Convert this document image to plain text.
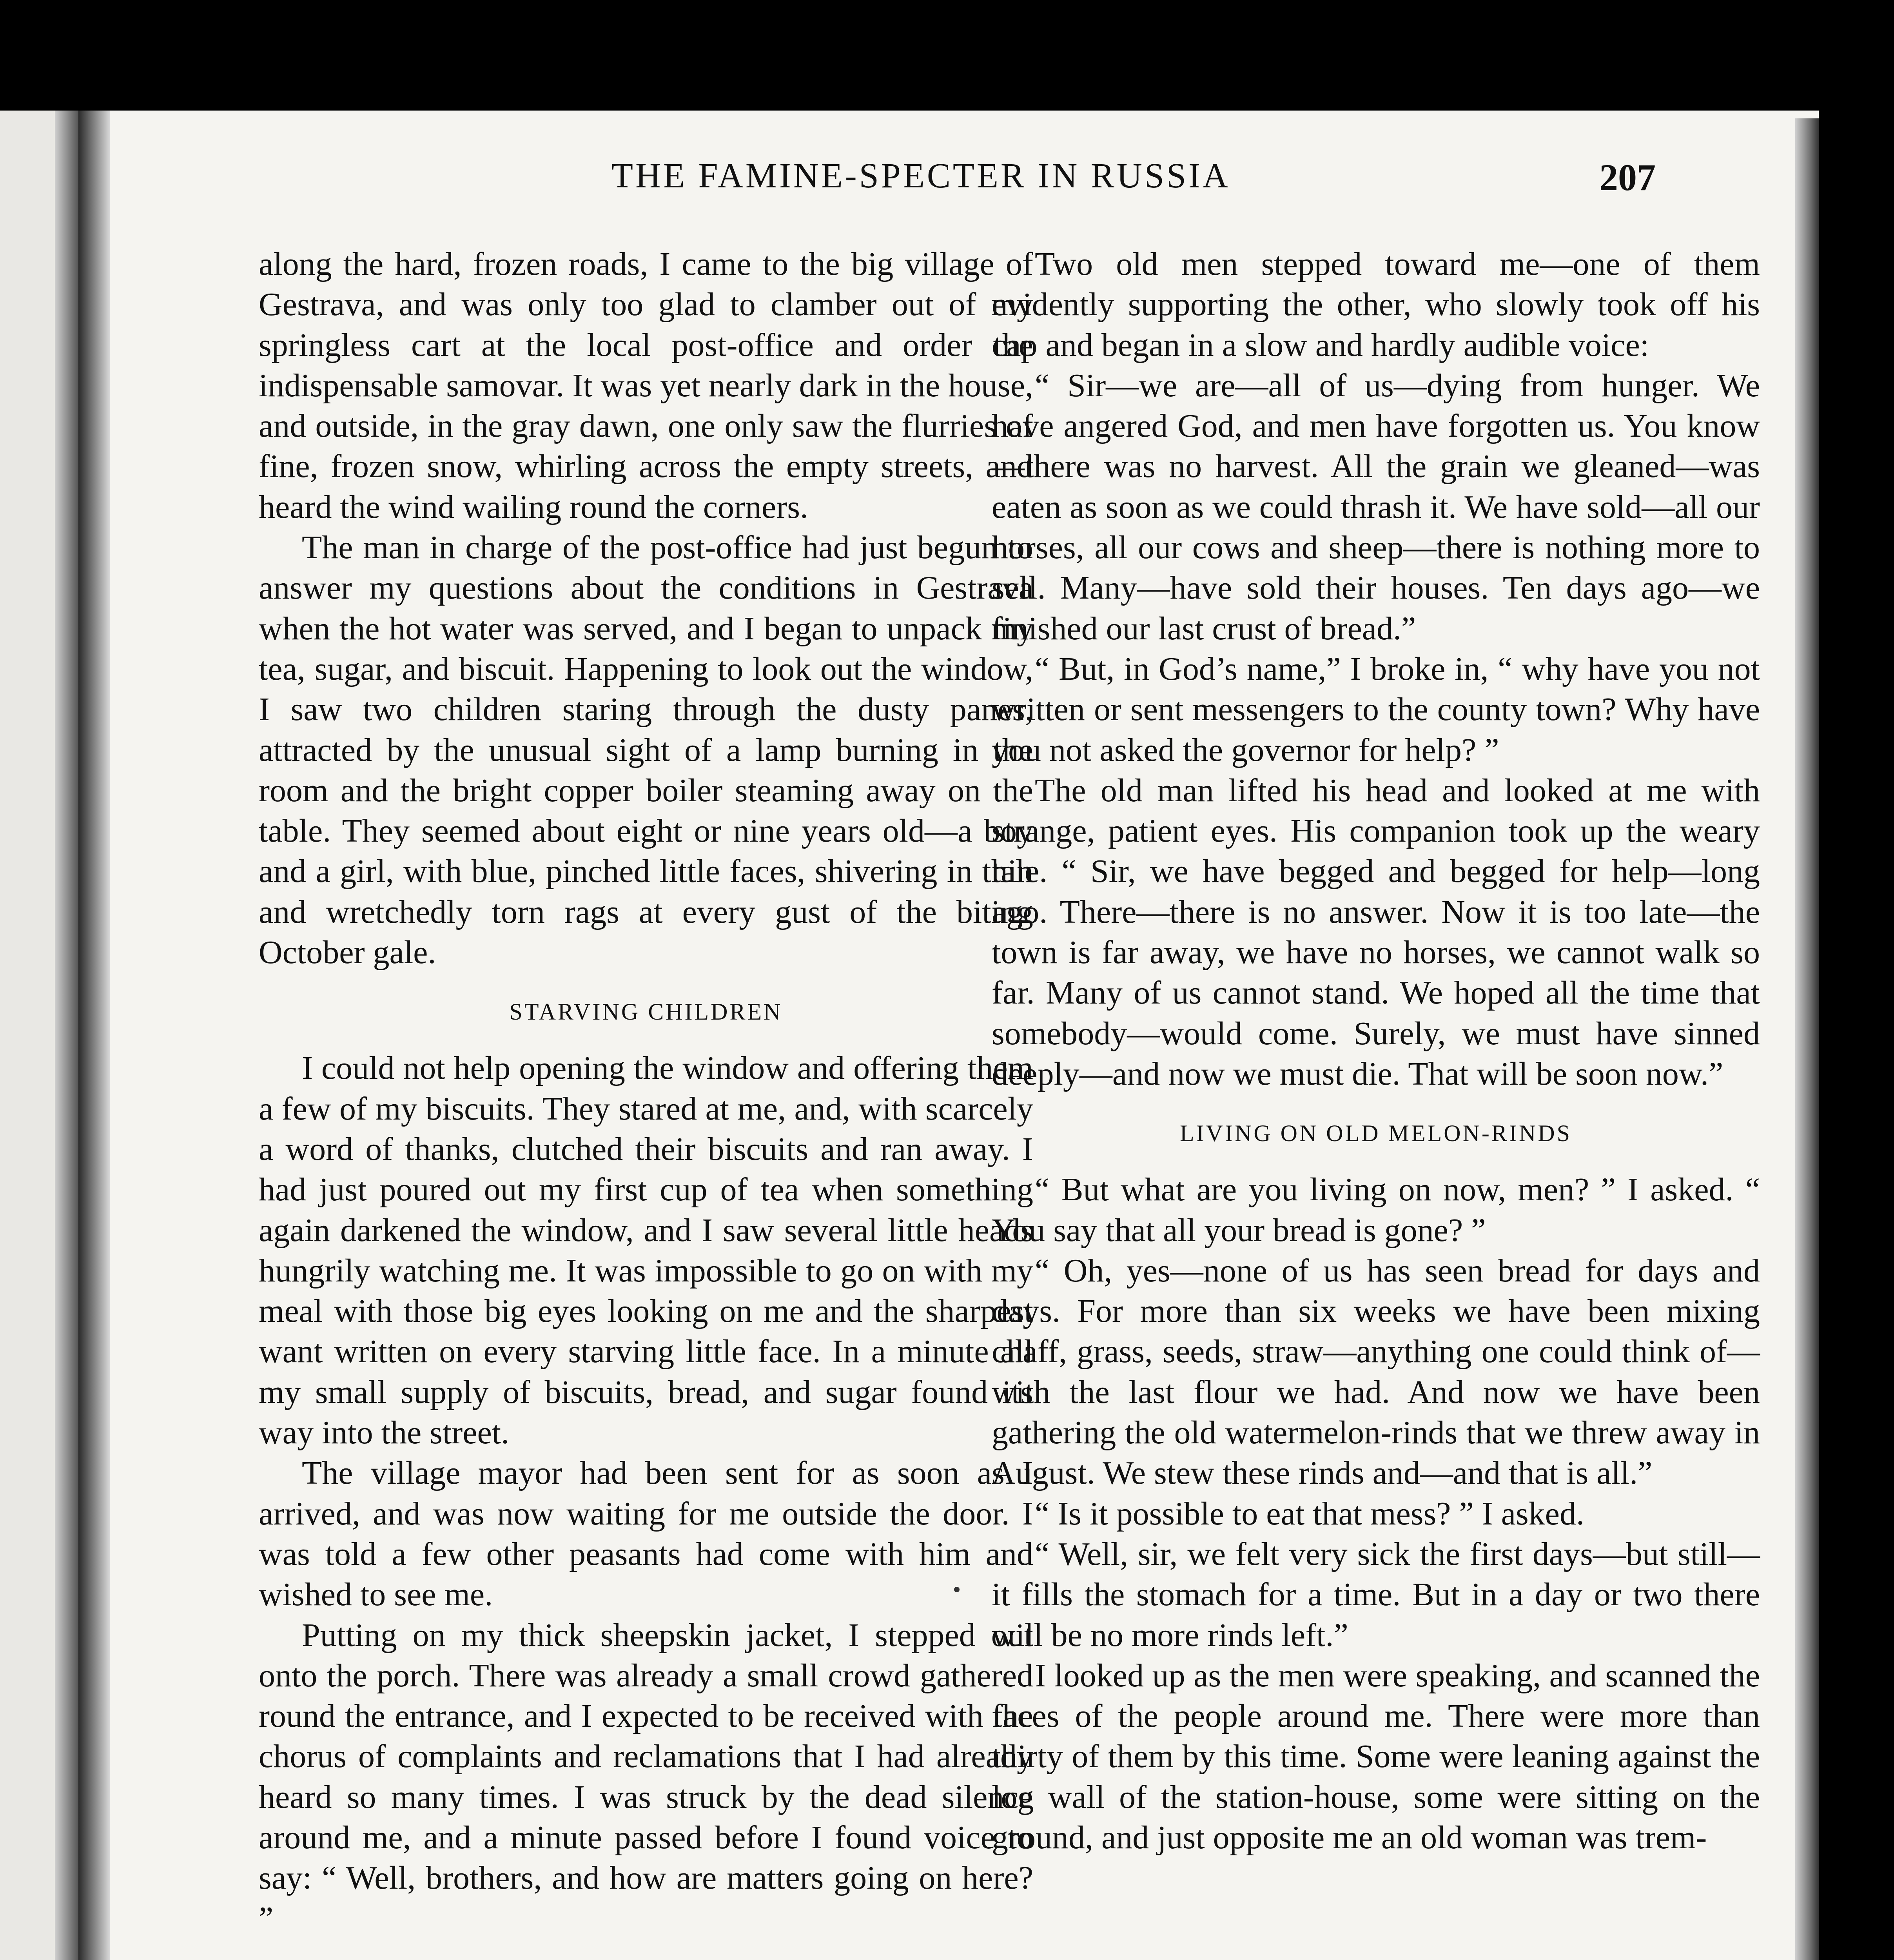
THE FAMINE-SPECTER IN RUSSIA	207

along the hard, frozen roads, I came to the big village of Gestrava, and was only too glad to clamber out of my springless cart at the local post-office and order the indispensable samovar. It was yet nearly dark in the house, and outside, in the gray dawn, one only saw the flurries of fine, frozen snow, whirling across the empty streets, and heard the wind wailing round the corners.

The man in charge of the post-office had just begun to answer my questions about the conditions in Gestrava when the hot water was served, and I began to unpack my tea, sugar, and biscuit. Happening to look out the window, I saw two children staring through the dusty panes, attracted by the unusual sight of a lamp burning in the room and the bright copper boiler steaming away on the table. They seemed about eight or nine years old—a boy and a girl, with blue, pinched little faces, shivering in thin and wretchedly torn rags at every gust of the biting October gale.

STARVING CHILDREN

I could not help opening the window and offering them a few of my biscuits. They stared at me, and, with scarcely a word of thanks, clutched their biscuits and ran away. I had just poured out my first cup of tea when something again darkened the window, and I saw several little heads hungrily watching me. It was impossible to go on with my meal with those big eyes looking on me and the sharpest want written on every starving little face. In a minute all my small supply of biscuits, bread, and sugar found its way into the street.

The village mayor had been sent for as soon as I arrived, and was now waiting for me outside the door. I was told a few other peasants had come with him and wished to see me.

Putting on my thick sheepskin jacket, I stepped out onto the porch. There was already a small crowd gathered round the entrance, and I expected to be received with the chorus of complaints and reclamations that I had already heard so many times. I was struck by the dead silence around me, and a minute passed before I found voice to say: “ Well, brothers, and how are matters going on here? ”

Two old men stepped toward me—one of them evidently supporting the other, who slowly took off his cap and began in a slow and hardly audible voice:

“ Sir—we are—all of us—dying from hunger. We have angered God, and men have forgotten us. You know—there was no harvest. All the grain we gleaned—was eaten as soon as we could thrash it. We have sold—all our horses, all our cows and sheep—there is nothing more to sell. Many—have sold their houses. Ten days ago—we finished our last crust of bread.”

“ But, in God’s name,” I broke in, “ why have you not written or sent messengers to the county town? Why have you not asked the governor for help? ”

The old man lifted his head and looked at me with strange, patient eyes. His companion took up the weary tale. “ Sir, we have begged and begged for help—long ago. There—there is no answer. Now it is too late—the town is far away, we have no horses, we cannot walk so far. Many of us cannot stand. We hoped all the time that somebody—would come. Surely, we must have sinned deeply—and now we must die. That will be soon now.”

LIVING ON OLD MELON-RINDS

“ But what are you living on now, men? ” I asked. “ You say that all your bread is gone? ”

“ Oh, yes—none of us has seen bread for days and days. For more than six weeks we have been mixing chaff, grass, seeds, straw—anything one could think of—with the last flour we had. And now we have been gathering the old watermelon-rinds that we threw away in August. We stew these rinds and—and that is all.”

“ Is it possible to eat that mess? ” I asked.

“ Well, sir, we felt very sick the first days—but still—it fills the stomach for a time. But in a day or two there will be no more rinds left.”

I looked up as the men were speaking, and scanned the faces of the people around me. There were more than thirty of them by this time. Some were leaning against the log wall of the station-house, some were sitting on the ground, and just opposite me an old woman was trem-
